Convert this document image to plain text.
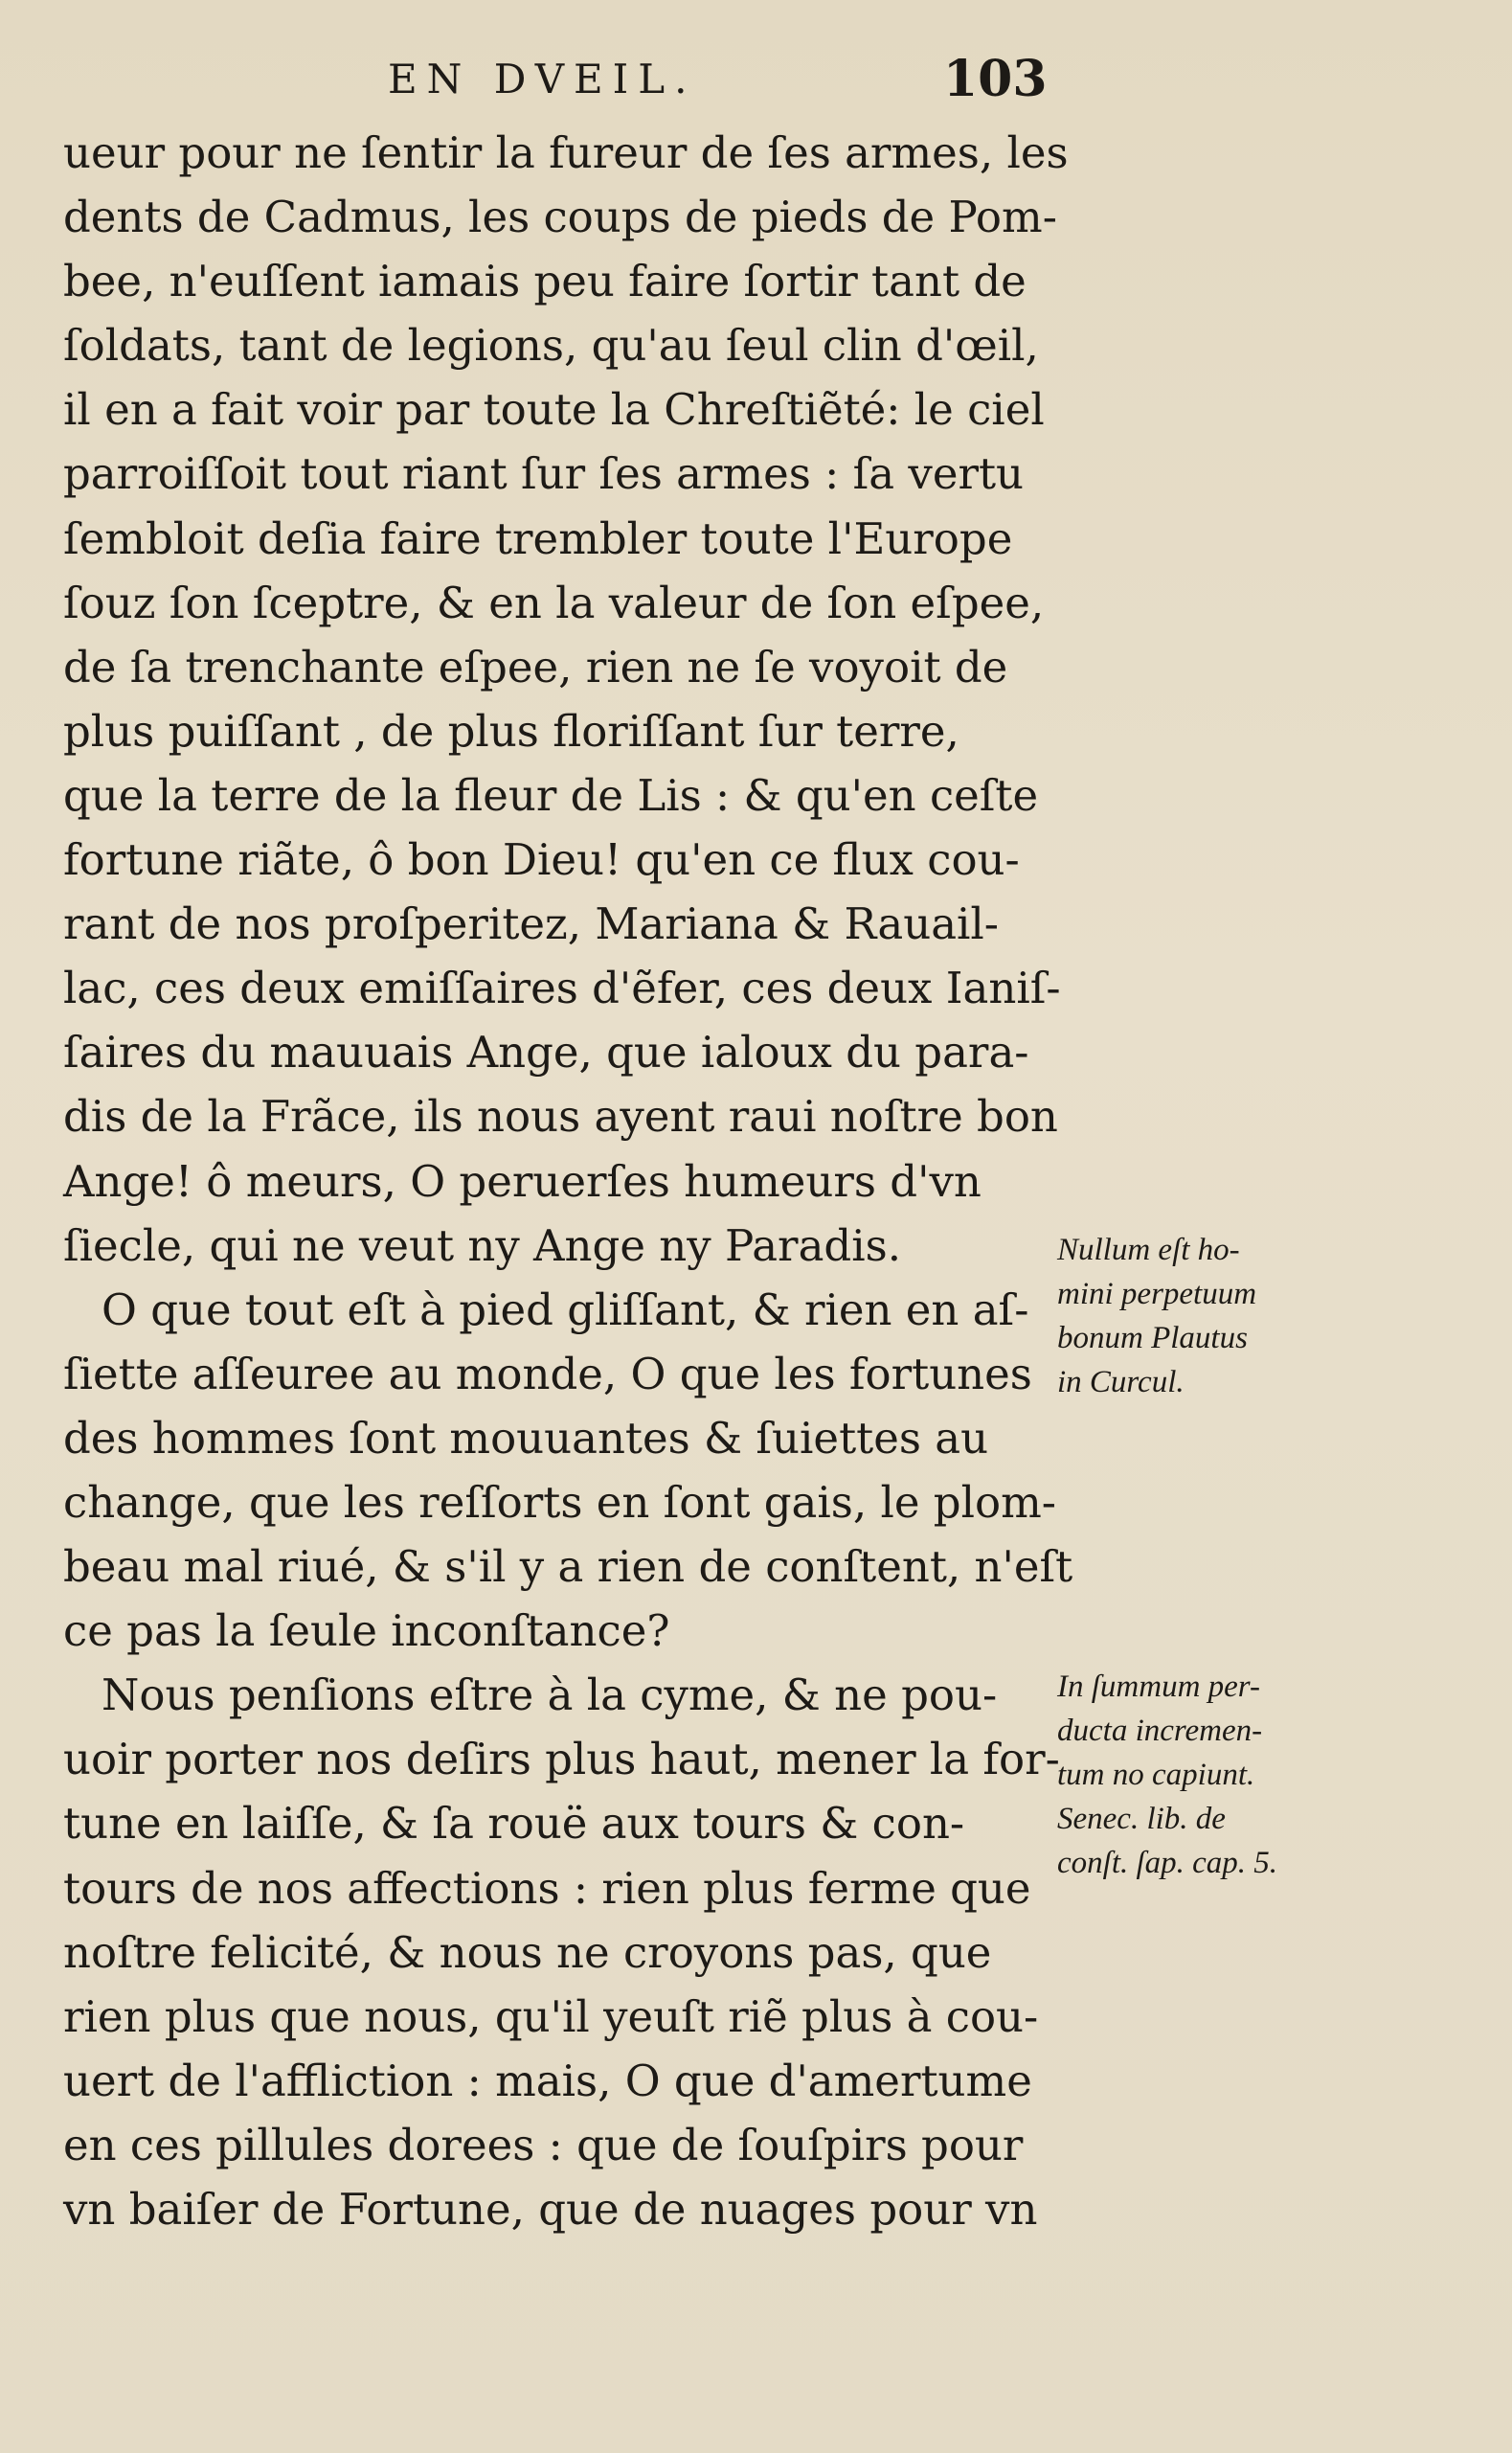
EN DVEIL.	103
ueur pour ne ſentir la fureur de ſes armes, les
dents de Cadmus, les coups de pieds de Pom-
bee, n'euſſent iamais peu faire ſortir tant de
ſoldats, tant de legions, qu'au ſeul clin d'œil,
il en a fait voir par toute la Chreſtiẽté: le ciel
parroiſſoit tout riant ſur ſes armes : ſa vertu
ſembloit deſia faire trembler toute l'Europe
ſouz ſon ſceptre, & en la valeur de ſon eſpee,
de ſa trenchante eſpee, rien ne ſe voyoit de
plus puiſſant , de plus floriſſant ſur terre,
que la terre de la fleur de Lis : & qu'en ceſte
fortune riãte, ô bon Dieu! qu'en ce flux cou-
rant de nos proſperitez, Mariana & Rauail-
lac, ces deux emiſſaires d'ẽfer, ces deux Ianiſ-
ſaires du mauuais Ange, que ialoux du para-
dis de la Frãce, ils nous ayent raui noſtre bon
Ange! ô meurs, O peruerſes humeurs d'vn
ſiecle, qui ne veut ny Ange ny Paradis.
O que tout eſt à pied gliſſant, & rien en aſ-
ſiette aſſeuree au monde, O que les fortunes
des hommes ſont mouuantes & ſuiettes au
change, que les reſſorts en ſont gais, le plom-
beau mal riué, & s'il y a rien de conſtent, n'eſt
ce pas la ſeule inconſtance?
Nous penſions eſtre à la cyme, & ne pou-
uoir porter nos deſirs plus haut, mener la for-
tune en laiſſe, & ſa rouë aux tours & con-
tours de nos affections : rien plus ferme que
noſtre felicité, & nous ne croyons pas, que
rien plus que nous, qu'il yeuſt riẽ plus à cou-
uert de l'affliction : mais, O que d'amertume
en ces pillules dorees : que de ſouſpirs pour
vn baiſer de Fortune, que de nuages pour vn
Nullum eſt ho-
mini perpetuum
bonum Plautus
in Curcul.
In ſummum per-
ducta incremen-
tum no capiunt.
Senec. lib. de
conſt. ſap. cap. 5.
